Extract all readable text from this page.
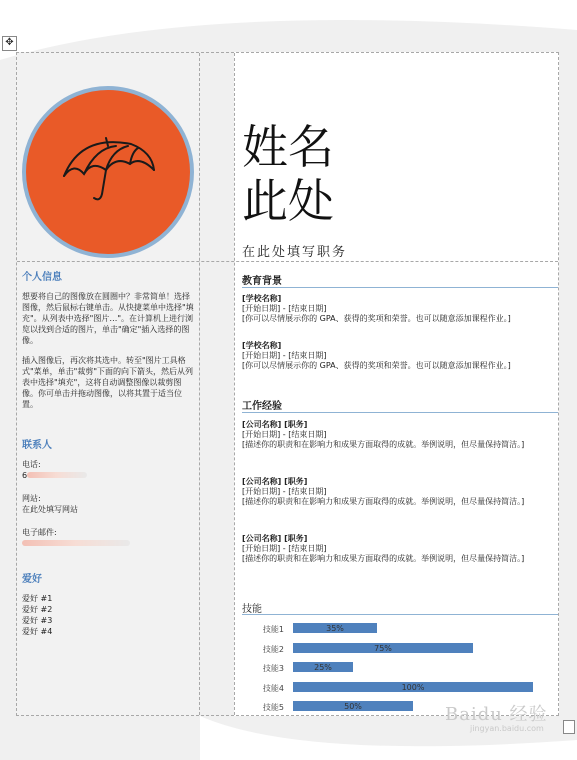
✥
姓名
此处
在此处填写职务
个人信息

想要将自己的图像放在圆圈中？非常简单！选择图像，然后鼠标右键单击。从快捷菜单中选择"填充"。从列表中选择"图片…"。在计算机上进行浏览以找到合适的图片，单击"确定"插入选择的图像。

插入图像后，再次将其选中。转至"图片工具格式"菜单，单击"裁剪"下面的向下箭头，然后从列表中选择"填充"，这将自动调整图像以裁剪图像。你可单击并拖动图像，以将其置于适当位置。

联系人
电话:
6
网站:
在此处填写网站
电子邮件:
爱好
爱好 #1
爱好 #2
爱好 #3
爱好 #4
教育背景
[学校名称]
[开始日期] - [结束日期]
[你可以尽情展示你的 GPA、获得的奖项和荣誉。也可以随意添加课程作业。]
[学校名称]
[开始日期] - [结束日期]
[你可以尽情展示你的 GPA、获得的奖项和荣誉。也可以随意添加课程作业。]
工作经验
[公司名称] [职务]
[开始日期] - [结束日期]
[描述你的职责和在影响力和成果方面取得的成就。举例说明，但尽量保持简洁。]
[公司名称] [职务]
[开始日期] - [结束日期]
[描述你的职责和在影响力和成果方面取得的成就。举例说明，但尽量保持简洁。]
[公司名称] [职务]
[开始日期] - [结束日期]
[描述你的职责和在影响力和成果方面取得的成就。举例说明，但尽量保持简洁。]
技能
技能1	35%
技能2	75%
技能3	25%
技能4	100%
技能5	50%	Baidu 经验
jingyan.baidu.com
